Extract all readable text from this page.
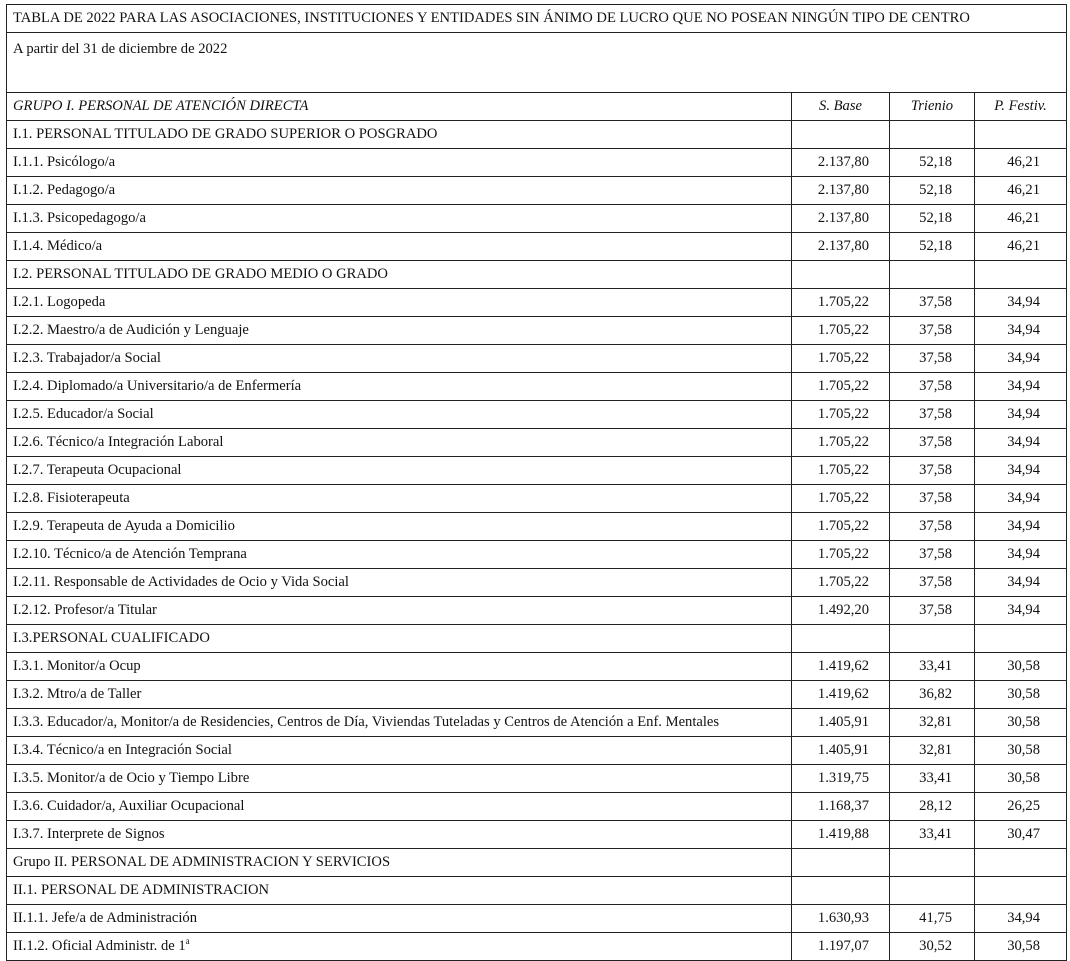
TABLA DE 2022 PARA LAS ASOCIACIONES, INSTITUCIONES Y ENTIDADES SIN ÁNIMO DE LUCRO QUE NO POSEAN NINGÚN TIPO DE CENTRO			
A partir del 31 de diciembre de 2022			
GRUPO I. PERSONAL DE ATENCIÓN DIRECTA	S. Base	Trienio	P. Festiv.
I.1. PERSONAL TITULADO DE GRADO SUPERIOR O POSGRADO			
I.1.1. Psicólogo/a	2.137,80	52,18	46,21
I.1.2. Pedagogo/a	2.137,80	52,18	46,21
I.1.3. Psicopedagogo/a	2.137,80	52,18	46,21
I.1.4. Médico/a	2.137,80	52,18	46,21
I.2. PERSONAL TITULADO DE GRADO MEDIO O GRADO			
I.2.1. Logopeda	1.705,22	37,58	34,94
I.2.2. Maestro/a de Audición y Lenguaje	1.705,22	37,58	34,94
I.2.3. Trabajador/a Social	1.705,22	37,58	34,94
I.2.4. Diplomado/a Universitario/a de Enfermería	1.705,22	37,58	34,94
I.2.5. Educador/a Social	1.705,22	37,58	34,94
I.2.6. Técnico/a Integración Laboral	1.705,22	37,58	34,94
I.2.7. Terapeuta Ocupacional	1.705,22	37,58	34,94
I.2.8. Fisioterapeuta	1.705,22	37,58	34,94
I.2.9. Terapeuta de Ayuda a Domicilio	1.705,22	37,58	34,94
I.2.10. Técnico/a de Atención Temprana	1.705,22	37,58	34,94
I.2.11. Responsable de Actividades de Ocio y Vida Social	1.705,22	37,58	34,94
I.2.12. Profesor/a Titular	1.492,20	37,58	34,94
I.3.PERSONAL CUALIFICADO			
I.3.1. Monitor/a Ocup	1.419,62	33,41	30,58
I.3.2. Mtro/a de Taller	1.419,62	36,82	30,58
I.3.3. Educador/a, Monitor/a de Residencies, Centros de Día, Viviendas Tuteladas y Centros de Atención a Enf. Mentales	1.405,91	32,81	30,58
I.3.4. Técnico/a en Integración Social	1.405,91	32,81	30,58
I.3.5. Monitor/a de Ocio y Tiempo Libre	1.319,75	33,41	30,58
I.3.6. Cuidador/a, Auxiliar Ocupacional	1.168,37	28,12	26,25
I.3.7. Interprete de Signos	1.419,88	33,41	30,47
Grupo II. PERSONAL DE ADMINISTRACION Y SERVICIOS			
II.1. PERSONAL DE ADMINISTRACION			
II.1.1. Jefe/a de Administración	1.630,93	41,75	34,94
II.1.2. Oficial Administr. de 1$^a$	1.197,07	30,52	30,58
